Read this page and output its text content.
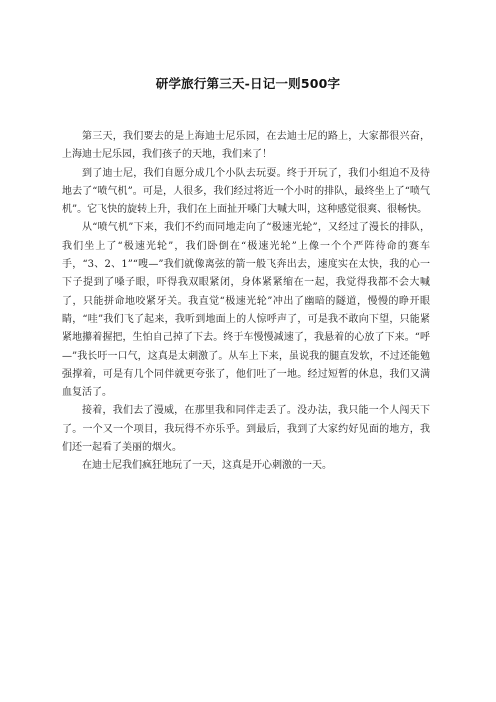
研学旅行第三天-日记一则500字

第三天，我们要去的是上海迪士尼乐园，在去迪士尼的路上，大家都很兴奋，上海迪士尼乐园，我们孩子的天地，我们来了！

到了迪士尼，我们自愿分成几个小队去玩耍。终于开玩了，我们小组迫不及待地去了“喷气机”。可是，人很多，我们经过将近一个小时的排队，最终坐上了“喷气机”。它飞快的旋转上升，我们在上面扯开嗓门大喊大叫，这种感觉很爽、很畅快。

从“喷气机”下来，我们不约而同地走向了“极速光轮”，又经过了漫长的排队，我们坐上了“极速光轮”，我们卧倒在“极速光轮”上像一个个严阵待命的赛车手，“3、2、1”“嗖—”我们就像离弦的箭一般飞奔出去，速度实在太快，我的心一下子提到了嗓子眼，吓得我双眼紧闭，身体紧紧缩在一起，我觉得我都不会大喊了，只能拼命地咬紧牙关。我直觉“极速光轮”冲出了幽暗的隧道，慢慢的睁开眼睛，“哇”我们飞了起来，我听到地面上的人惊呼声了，可是我不敢向下望，只能紧紧地攥着握把，生怕自己掉了下去。终于车慢慢减速了，我悬着的心放了下来。“呼—”我长吁一口气，这真是太刺激了。从车上下来，虽说我的腿直发软，不过还能勉强撑着，可是有几个同伴就更夸张了，他们吐了一地。经过短暂的休息，我们又满血复活了。

接着，我们去了漫威，在那里我和同伴走丢了。没办法，我只能一个人闯天下了。一个又一个项目，我玩得不亦乐乎。到最后，我到了大家约好见面的地方，我们还一起看了美丽的烟火。

在迪士尼我们疯狂地玩了一天，这真是开心刺激的一天。
